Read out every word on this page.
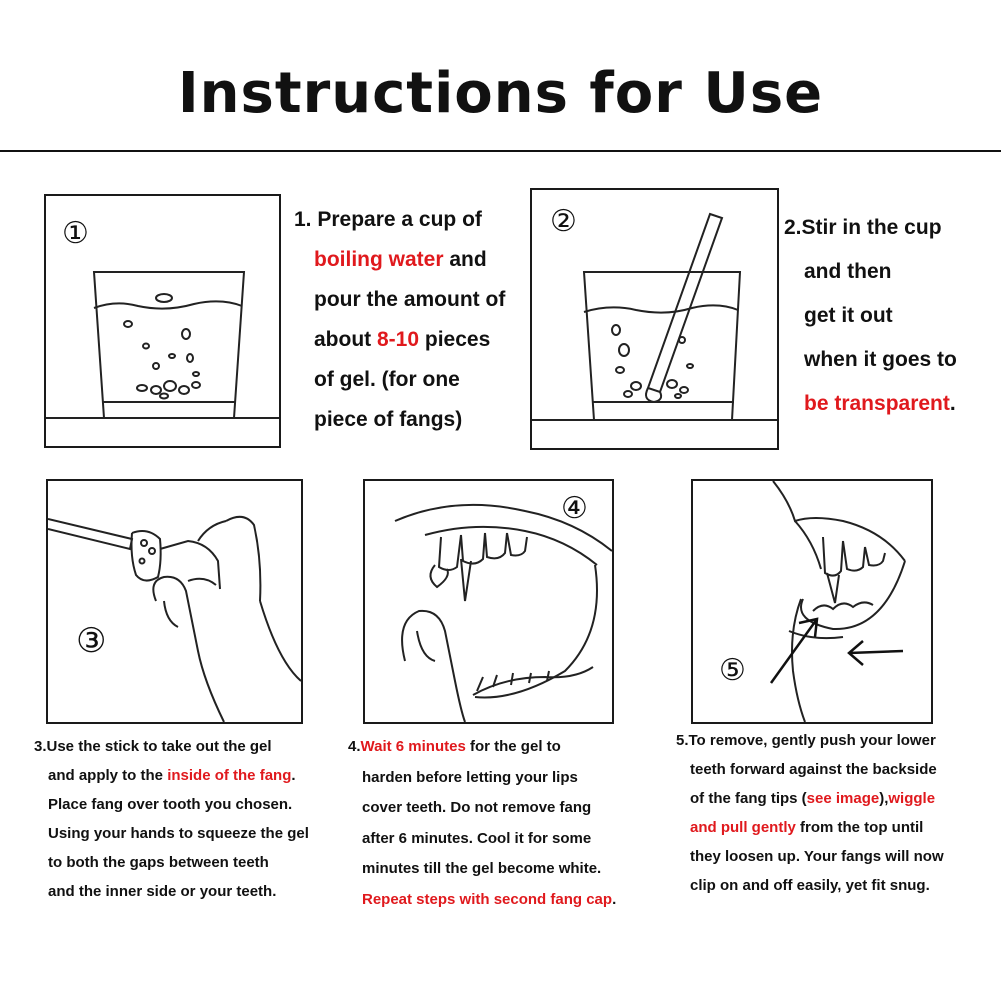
Instructions for Use
①	1. Prepare a cup of

boiling water and

pour the amount of

about 8-10 pieces

of gel. (for one

piece of fangs)

②	2.Stir in the cup

and then

get it out

when it goes to

be transparent.

③
④
⑤

3.Use the stick to take out the gel

and apply to the inside of the fang.

Place fang over tooth you chosen.

Using your hands to squeeze the gel

to both the gaps between teeth

and the inner side or your teeth.

4.Wait 6 minutes for the gel to

harden before letting your lips

cover teeth. Do not remove fang

after 6 minutes. Cool it for some

minutes till the gel become white.

Repeat steps with second fang cap.

5.To remove, gently push your lower

teeth forward against the backside

of the fang tips (see image),wiggle

and pull gently from the top until

they loosen up. Your fangs will now

clip on and off easily, yet fit snug.
